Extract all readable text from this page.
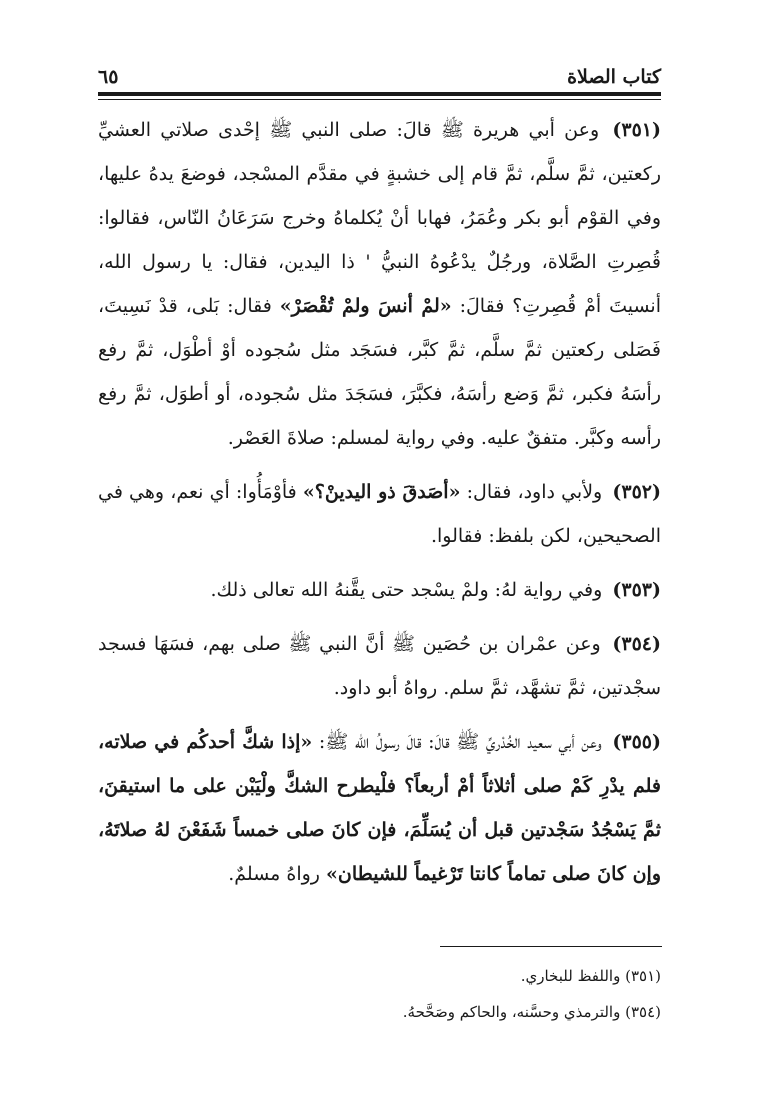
٦٥	كتاب الصلاة

(٣٥١) وعن أبي هريرة ﷺ قالَ: صلى النبي ﷺ إحْدى صلاتي العشيِّ ركعتين، ثمَّ سلَّم، ثمَّ قام إلى خشبةٍ في مقدَّم المسْجد، فوضعَ يدهُ عليها، وفي القوْم أبو بكر وعُمَرُ، فهابا أنْ يُكلماهُ وخرج سَرَعَانُ النّاس، فقالوا: قُصِرتِ الصَّلاة، ورجُلٌ يدْعُوهُ النبيُّ ' ذا اليدين، فقال: يا رسول الله، أنسيتَ أمْ قُصِرتِ؟ فقالَ: «لمْ أنسَ ولمْ تُقْصَرْ» فقال: بَلى، قدْ نَسِيتَ، فَصَلى ركعتين ثمَّ سلَّم، ثمَّ كبَّر، فسَجَد مثل سُجوده أوْ أطْوَل، ثمَّ رفع رأسَهُ فكبر، ثمَّ وَضع رأسَهُ، فكبَّرَ، فسَجَدَ مثل سُجوده، أو أطوَل، ثمَّ رفع رأسه وكبَّر. متفقٌ عليه. وفي رواية لمسلم: صلاةَ العَصْر.

(٣٥٢) ولأبي داود، فقال: «أصَدقَ ذو اليدينْ؟» فأوْمَأُوا: أي نعم، وهي في الصحيحين، لكن بلفظ: فقالوا.

(٣٥٣) وفي رواية لهُ: ولمْ يسْجد حتى يقَّنهُ الله تعالى ذلك.

(٣٥٤) وعن عمْران بن حُصَين ﷺ أنَّ النبي ﷺ صلى بهم، فسَهَا فسجد سجْدتين، ثمَّ تشهَّد، ثمَّ سلم. رواهُ أبو داود.

(٣٥٥) وعن أبي سعيد الخُدْريِّ ﷺ قالَ: قالَ رسولُ الله ﷺ: «إذا شكَّ أحدكُم في صلاته، فلم يدْرِ كَمْ صلى أثلاثاً أمْ أربعاً؟ فلْيطرح الشكَّ ولْيَبْن على ما استيقنَ، ثمَّ يَسْجُدُ سَجْدتين قبل أن يُسَلِّمَ، فإن كانَ صلى خمساً شَفَعْنَ لهُ صلاتَهُ، وإن كانَ صلى تماماً كانتا تَرْغيماً للشيطان» رواهُ مسلمٌ.

(٣٥١) واللفظ للبخاري.

(٣٥٤) والترمذي وحسَّنه، والحاكم وصَحَّحهُ.
